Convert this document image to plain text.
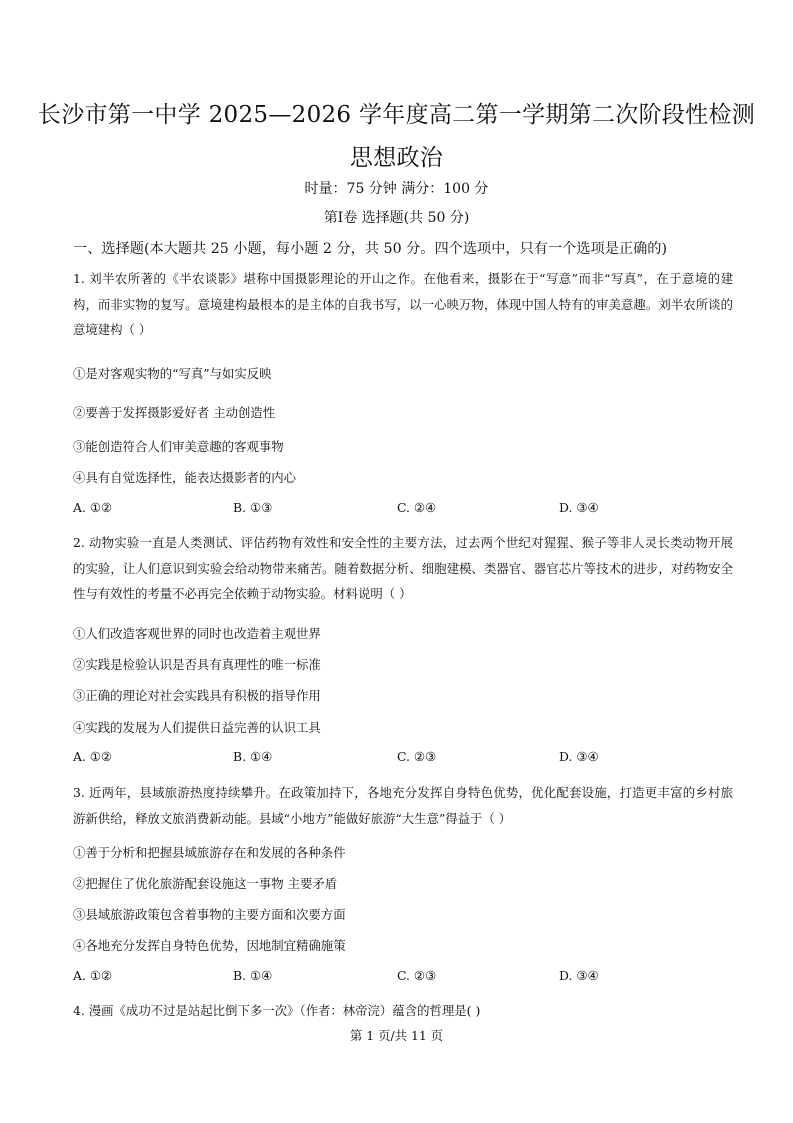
长沙市第一中学 2025—2026 学年度高二第一学期第二次阶段性检测
思想政治
时量：75 分钟 满分：100 分
第Ⅰ卷 选择题(共 50 分)
一、选择题(本大题共 25 小题，每小题 2 分，共 50 分。四个选项中，只有一个选项是正确的)
1. 刘半农所著的《半农谈影》堪称中国摄影理论的开山之作。在他看来，摄影在于“写意”而非“写真”，在于意境的建构，而非实物的复写。意境建构最根本的是主体的自我书写，以一心映万物，体现中国人特有的审美意趣。刘半农所谈的意境建构（ ）
①是对客观实物的“写真”与如实反映
②要善于发挥摄影爱好者 主动创造性
③能创造符合人们审美意趣的客观事物
④具有自觉选择性，能表达摄影者的内心
A. ①②	B. ①③	C. ②④	D. ③④
2. 动物实验一直是人类测试、评估药物有效性和安全性的主要方法，过去两个世纪对猩猩、猴子等非人灵长类动物开展的实验，让人们意识到实验会给动物带来痛苦。随着数据分析、细胞建模、类器官、器官芯片等技术的进步，对药物安全性与有效性的考量不必再完全依赖于动物实验。材料说明（ ）
①人们改造客观世界的同时也改造着主观世界
②实践是检验认识是否具有真理性的唯一标准
③正确的理论对社会实践具有积极的指导作用
④实践的发展为人们提供日益完善的认识工具
A. ①②	B. ①④	C. ②③	D. ③④
3. 近两年，县域旅游热度持续攀升。在政策加持下，各地充分发挥自身特色优势，优化配套设施，打造更丰富的乡村旅游新供给，释放文旅消费新动能。县域“小地方”能做好旅游“大生意”得益于（ ）
①善于分析和把握县域旅游存在和发展的各种条件
②把握住了优化旅游配套设施这一事物 主要矛盾
③县域旅游政策包含着事物的主要方面和次要方面
④各地充分发挥自身特色优势，因地制宜精确施策
A. ①②	B. ①④	C. ②③	D. ③④
4. 漫画《成功不过是站起比倒下多一次》（作者：林帝浣）蕴含的哲理是( )
第 1 页/共 11 页
